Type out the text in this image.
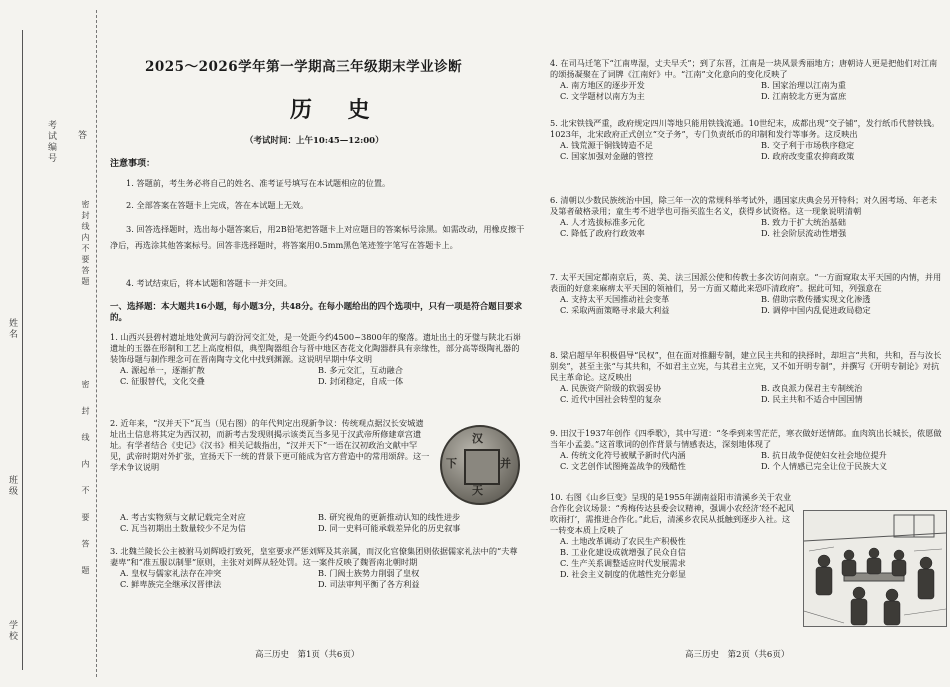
学校
班级
姓名
考试编号 答
密封线内不要答题
密 封 线 内 不 要 答 题
2025～2026学年第一学期高三年级期末学业诊断
历 史
（考试时间：上午10:45—12:00）
注意事项：
1. 答题前，考生务必将自己的姓名、准考证号填写在本试题相应的位置。
2. 全部答案在答题卡上完成，答在本试题上无效。
3. 回答选择题时，选出每小题答案后，用2B铅笔把答题卡上对应题目的答案标号涂黑。如需改动，用橡皮擦干净后，再选涂其他答案标号。回答非选择题时，将答案用0.5mm黑色笔迹签字笔写在答题卡上。
4. 考试结束后，将本试题和答题卡一并交回。
一、选择题：本大题共16小题，每小题3分，共48分。在每小题给出的四个选项中，只有一项是符合题目要求的。
1. 山西兴县碧村遗址地处黄河与蔚汾河交汇处，是一处距今约4500~3800年的聚落。遗址出土的牙璧与陕北石峁遗址的玉器在形制和工艺上高度相似，典型陶器组合与晋中地区杏花文化陶器群具有亲缘性，部分高等级陶礼器的装饰母题与制作理念可在晋南陶寺文化中找到渊源。这说明早期中华文明
A. 源起单一，逐渐扩散	B. 多元交汇，互动融合
C. 征服替代，文化交叠	D. 封闭稳定，自成一体
2. 近年来，“汉并天下”瓦当（见右图）的年代判定出现新争议：传统观点据汉长安城遗址出土信息将其定为西汉初，而新考古发现则揭示该类瓦当多见于汉武帝所修建章宫遗址。有学者结合《史记》《汉书》相关记载指出，“汉并天下”一语在汉初政治文献中罕见，武帝时期对外扩张，宣扬天下一统的背景下更可能成为官方营造中的常用颂辞。这一学术争议说明
A. 考古实物须与文献记载完全对应	B. 研究视角的更新推动认知的线性进步
C. 瓦当初期出土数量较少不足为信	D. 同一史料可能承载差异化的历史叙事
汉
并
天
下
3. 北魏兰陵长公主被驸马刘辉殴打致死，皇室要求严惩刘辉及其亲属，而汉化官僚集团则依据儒家礼法中的“夫尊妻卑”和“准五服以制罪”原则，主张对刘辉从轻处罚。这一案件反映了魏晋南北朝时期
A. 皇权与儒家礼法存在冲突	B. 门阀士族势力削弱了皇权
C. 鲜卑族完全继承汉晋律法	D. 司法审判平衡了各方利益
高三历史　第1页（共6页）
4. 在司马迁笔下“江南卑湿，丈夫早夭”；到了东晋，江南是一块风景秀丽地方；唐朝诗人更是把他们对江南的颂扬凝聚在了词牌《江南好》中。“江南”文化意向的变化反映了
A. 南方地区的逐步开发	B. 国家治理以江南为重
C. 文学题材以南方为主	D. 江南较北方更为富庶
5. 北宋铁钱严重，政府规定四川等地只能用铁钱流通。10世纪末，成都出现“交子铺”，发行纸币代替铁钱。1023年，北宋政府正式创立“交子务”，专门负责纸币的印制和发行等事务。这反映出
A. 钱荒源于铜钱铸造不足	B. 交子利于市场秩序稳定
C. 国家加强对金融的管控	D. 政府改变重农抑商政策
6. 清朝以少数民族统治中国，除三年一次的常规科举考试外，遇国家庆典会另开特科；对久困考场、年老未及第者破格录用；童生考不进学也可指买监生名义，获得乡试资格。这一现象说明清朝
A. 人才选拔标准多元化	B. 致力于扩大统治基础
C. 降低了政府行政效率	D. 社会阶层流动性增强
7. 太平天国定都南京后，英、美、法三国派公使和传教士多次访问南京。“一方面窥取太平天国的内情，并用表面的好意来麻痹太平天国的领袖们，另一方面又藉此来恐吓清政府”。据此可知，列强意在
A. 支持太平天国推动社会变革	B. 借助宗教传播实现文化渗透
C. 采取两面策略寻求最大利益	D. 调停中国内乱促进政局稳定
8. 梁启超早年积极倡导“民权”，但在面对推翻专制，建立民主共和的抉择时，却坦言“共和，共和，吾与汝长别矣”，甚至主张“与其共和，不如君主立宪，与其君主立宪，又不如开明专制”，并撰写《开明专制论》对抗民主革命论。这反映出
A. 民族资产阶级的软弱妥协	B. 改良派力保君主专制统治
C. 近代中国社会转型的复杂	D. 民主共和不适合中国国情
9. 田汉于1937年创作《四季歌》，其中写道：“冬季到来雪茫茫，寒衣做好送情郎。血肉筑出长城长，侬愿做当年小孟姜。”这首歌词的创作背景与情感表达，深刻地体现了
A. 传统文化符号被赋予新时代内涵	B. 抗日战争促使妇女社会地位提升
C. 文艺创作试图掩盖战争的残酷性	D. 个人情感已完全让位于民族大义
10. 右图《山乡巨变》呈现的是1955年湖南益阳市清溪乡关于农业合作化会议场景：“秀梅传达县委会议精神，强调小农经济‘经不起风吹雨打’，需推进合作化。”此后，清溪乡农民从抵触到逐步入社。这一转变本质上反映了
A. 土地改革调动了农民生产积极性
B. 工业化建设成就增强了民众自信
C. 生产关系调整适应时代发展需求
D. 社会主义制度的优越性充分彰显
高三历史　第2页（共6页）
